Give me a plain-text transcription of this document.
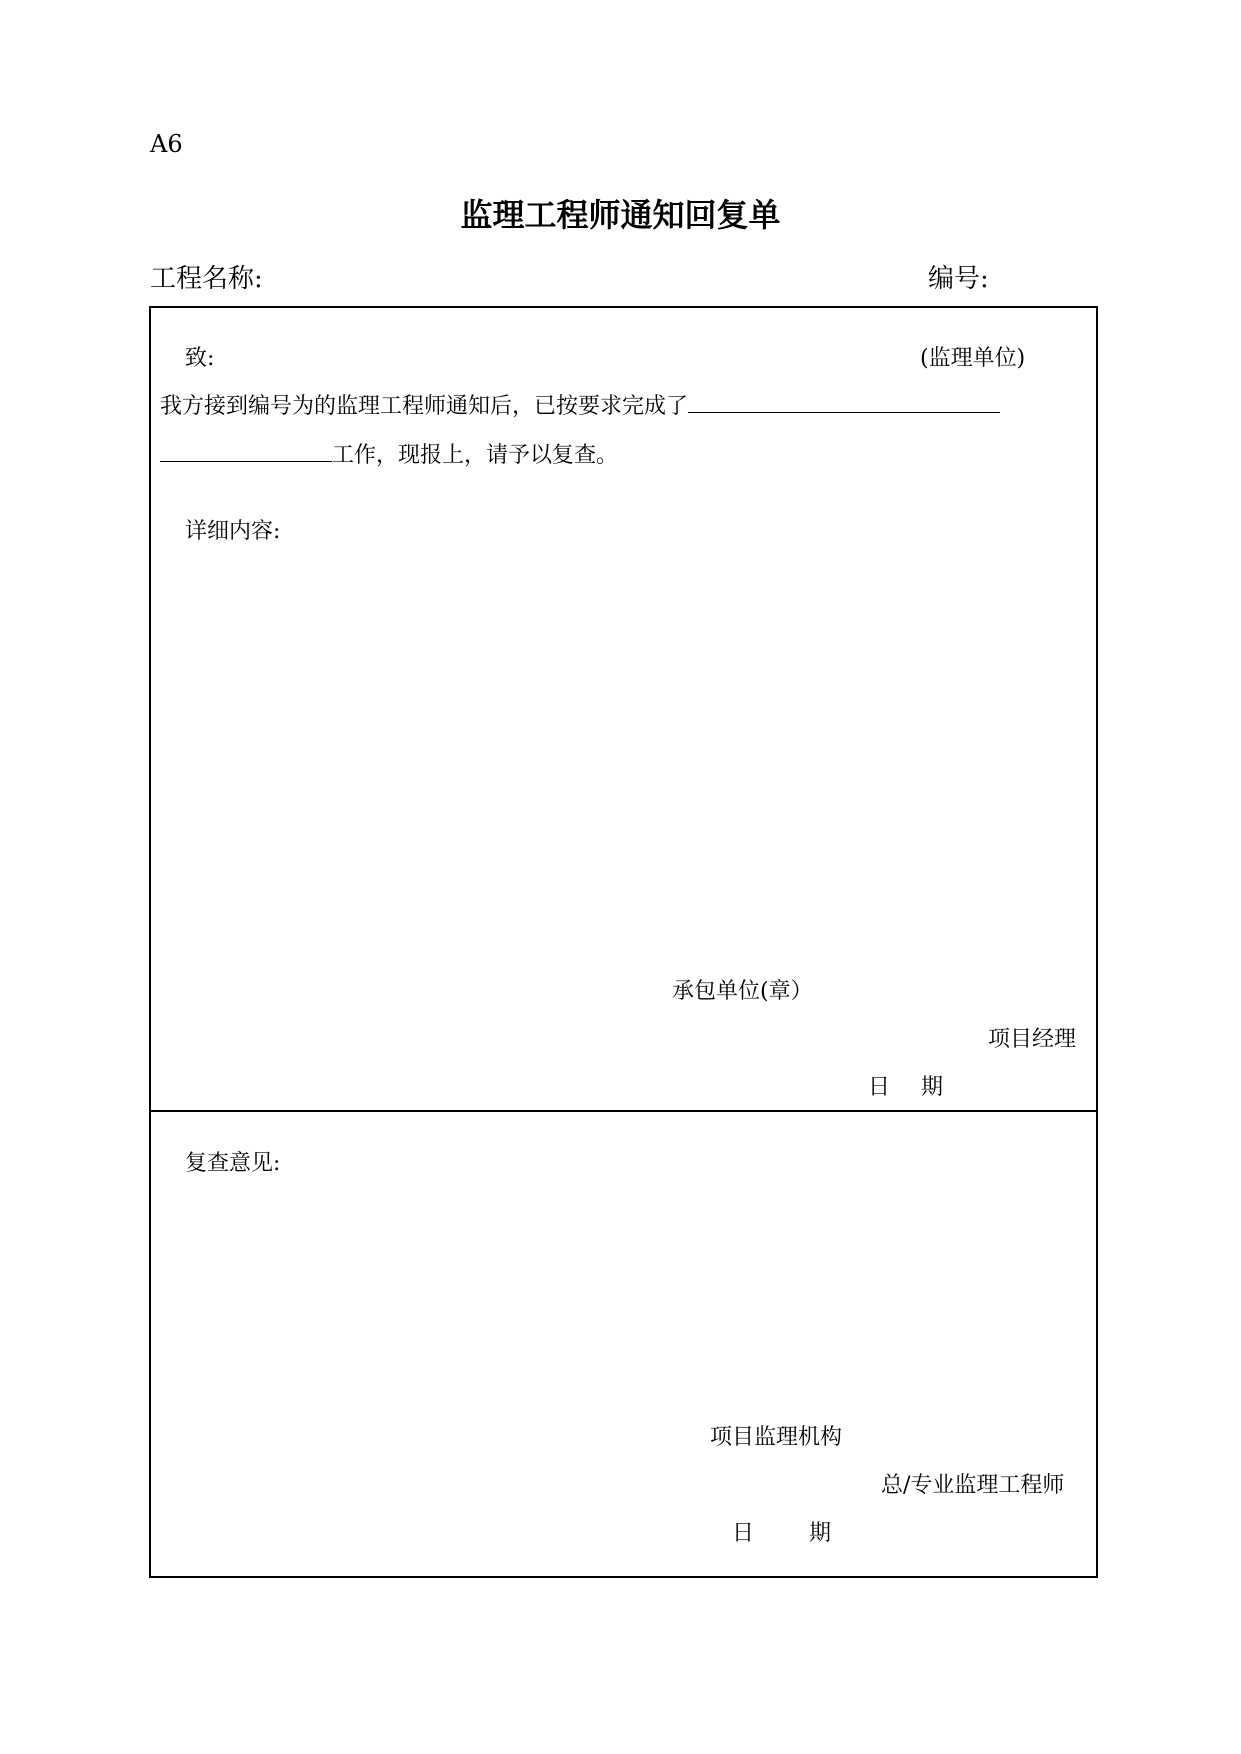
A6
监理工程师通知回复单
工程名称:	编号:
致:	(监理单位)
我方接到编号为的监理工程师通知后，已按要求完成了
工作，现报上，请予以复查。
详细内容:
承包单位(章）
项目经理
日 期
复查意见:
项目监理机构
总/专业监理工程师
日 期
